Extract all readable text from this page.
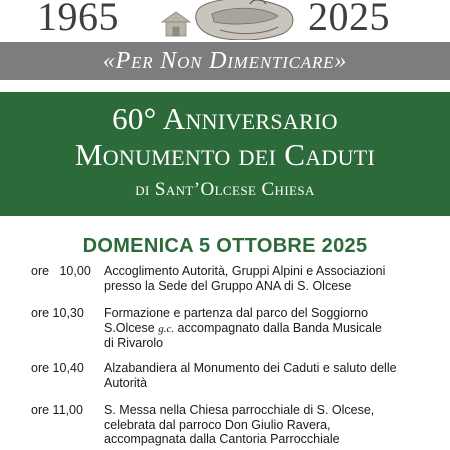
1965	2025
«Per Non Dimenticare»
60° Anniversario
Monumento dei Caduti
di Sant’Olcese Chiesa
DOMENICA 5 OTTOBRE 2025
ore   10,00	Accoglimento Autorità, Gruppi Alpini e Associazioni
presso la Sede del Gruppo ANA di S. Olcese
ore 10,30	Formazione e partenza dal parco del Soggiorno
S.Olcese g.c. accompagnato dalla Banda Musicale
di Rivarolo
ore 10,40	Alzabandiera al Monumento dei Caduti e saluto delle
Autorità
ore 11,00	S. Messa nella Chiesa parrocchiale di S. Olcese,
celebrata dal parroco Don Giulio Ravera,
accompagnata dalla Cantoria Parrocchiale
